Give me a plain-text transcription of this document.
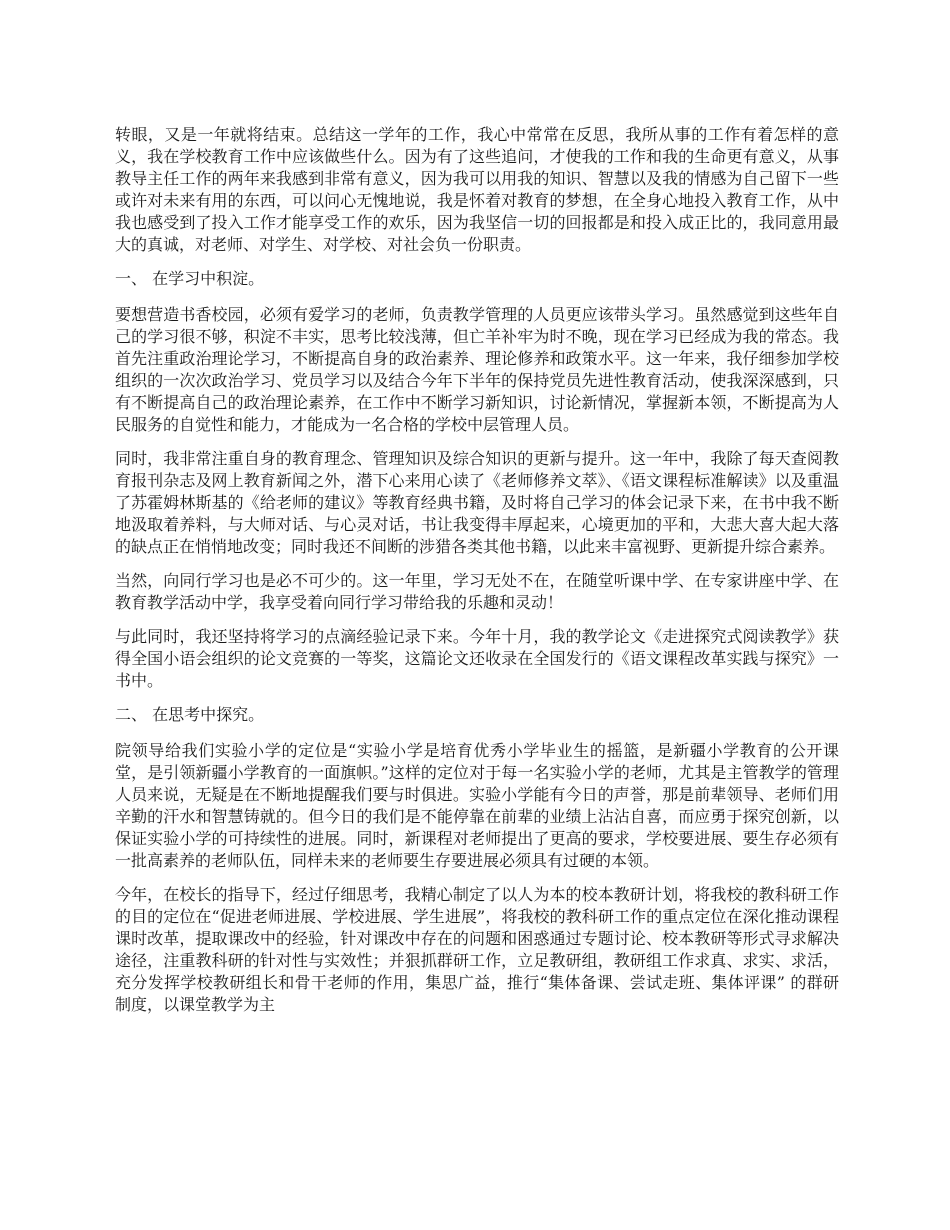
转眼，又是一年就将结束。总结这一学年的工作，我心中常常在反思，我所从事的工作有着怎样的意义，我在学校教育工作中应该做些什么。因为有了这些追问，才使我的工作和我的生命更有意义，从事教导主任工作的两年来我感到非常有意义，因为我可以用我的知识、智慧以及我的情感为自己留下一些或许对未来有用的东西，可以问心无愧地说，我是怀着对教育的梦想，在全身心地投入教育工作，从中我也感受到了投入工作才能享受工作的欢乐，因为我坚信一切的回报都是和投入成正比的，我同意用最大的真诚，对老师、对学生、对学校、对社会负一份职责。

一、 在学习中积淀。

要想营造书香校园，必须有爱学习的老师，负责教学管理的人员更应该带头学习。虽然感觉到这些年自己的学习很不够，积淀不丰实，思考比较浅薄，但亡羊补牢为时不晚，现在学习已经成为我的常态。我首先注重政治理论学习，不断提高自身的政治素养、理论修养和政策水平。这一年来，我仔细参加学校组织的一次次政治学习、党员学习以及结合今年下半年的保持党员先进性教育活动，使我深深感到，只有不断提高自己的政治理论素养，在工作中不断学习新知识，讨论新情况，掌握新本领，不断提高为人民服务的自觉性和能力，才能成为一名合格的学校中层管理人员。

同时，我非常注重自身的教育理念、管理知识及综合知识的更新与提升。这一年中，我除了每天查阅教育报刊杂志及网上教育新闻之外，潜下心来用心读了《老师修养文萃》、《语文课程标准解读》以及重温了苏霍姆林斯基的《给老师的建议》等教育经典书籍，及时将自己学习的体会记录下来，在书中我不断地汲取着养料，与大师对话、与心灵对话，书让我变得丰厚起来，心境更加的平和，大悲大喜大起大落的缺点正在悄悄地改变；同时我还不间断的涉猎各类其他书籍，以此来丰富视野、更新提升综合素养。

当然，向同行学习也是必不可少的。这一年里，学习无处不在，在随堂听课中学、在专家讲座中学、在教育教学活动中学，我享受着向同行学习带给我的乐趣和灵动！

与此同时，我还坚持将学习的点滴经验记录下来。今年十月，我的教学论文《走进探究式阅读教学》获得全国小语会组织的论文竞赛的一等奖，这篇论文还收录在全国发行的《语文课程改革实践与探究》一书中。

二、 在思考中探究。

院领导给我们实验小学的定位是“实验小学是培育优秀小学毕业生的摇篮，是新疆小学教育的公开课堂，是引领新疆小学教育的一面旗帜。”这样的定位对于每一名实验小学的老师，尤其是主管教学的管理人员来说，无疑是在不断地提醒我们要与时俱进。实验小学能有今日的声誉，那是前辈领导、老师们用辛勤的汗水和智慧铸就的。但今日的我们是不能停靠在前辈的业绩上沾沾自喜，而应勇于探究创新，以保证实验小学的可持续性的进展。同时，新课程对老师提出了更高的要求，学校要进展、要生存必须有一批高素养的老师队伍，同样未来的老师要生存要进展必须具有过硬的本领。

今年，在校长的指导下，经过仔细思考，我精心制定了以人为本的校本教研计划，将我校的教科研工作的目的定位在“促进老师进展、学校进展、学生进展”，将我校的教科研工作的重点定位在深化推动课程课时改革，提取课改中的经验，针对课改中存在的问题和困惑通过专题讨论、校本教研等形式寻求解决途径，注重教科研的针对性与实效性；并狠抓群研工作，立足教研组，教研组工作求真、求实、求活，充分发挥学校教研组长和骨干老师的作用，集思广益，推行“集体备课、尝试走班、集体评课” 的群研制度，以课堂教学为主
